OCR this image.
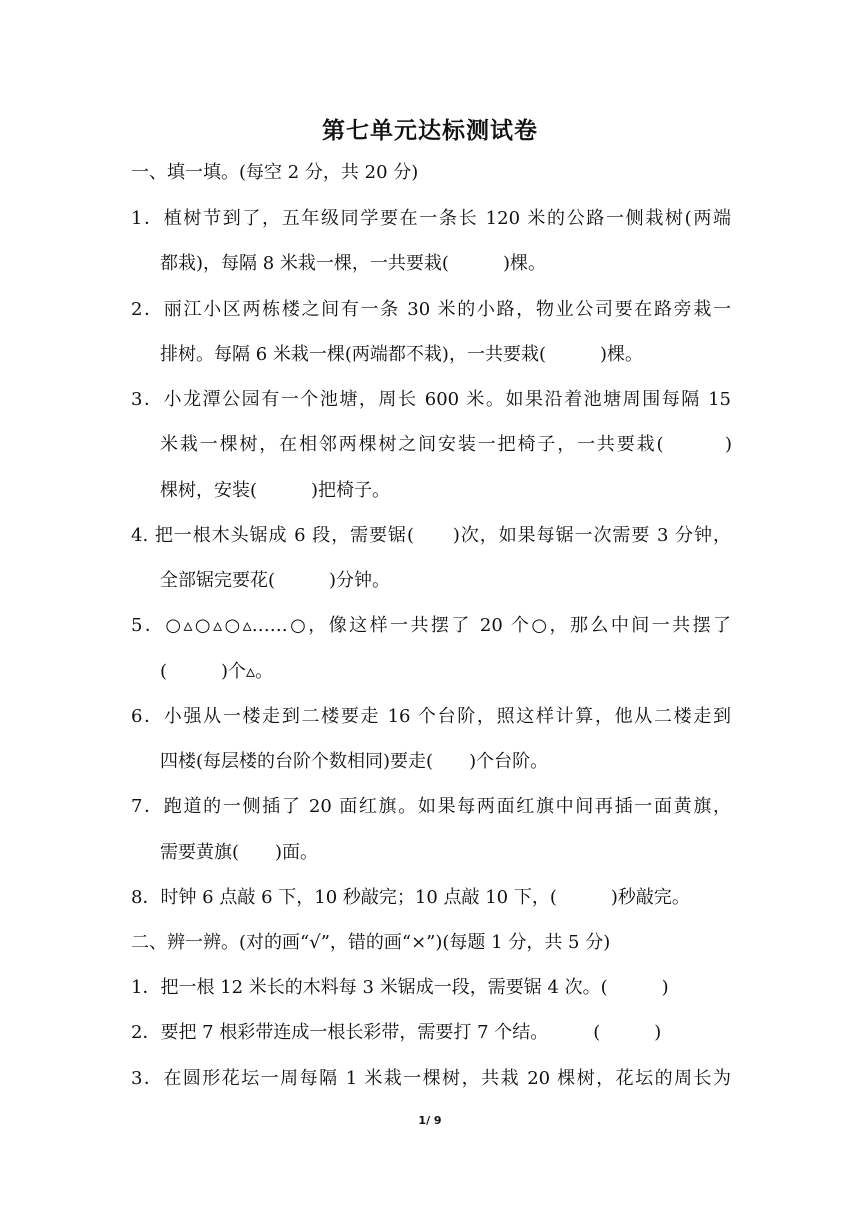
第七单元达标测试卷
一、填一填。(每空 2 分，共 20 分)
1．植树节到了，五年级同学要在一条长 120 米的公路一侧栽树(两端
都栽)，每隔 8 米栽一棵，一共要栽(　　　)棵。
2．丽江小区两栋楼之间有一条 30 米的小路，物业公司要在路旁栽一
排树。每隔 6 米栽一棵(两端都不栽)，一共要栽(　　　)棵。
3．小龙潭公园有一个池塘，周长 600 米。如果沿着池塘周围每隔 15
米栽一棵树，在相邻两棵树之间安装一把椅子，一共要栽(　　　)
棵树，安装(　　　)把椅子。
4. 把一根木头锯成 6 段，需要锯(　　)次，如果每锯一次需要 3 分钟，
全部锯完要花(　　　)分钟。
5．○▵○▵○▵……○，像这样一共摆了 20 个○，那么中间一共摆了
(　　　)个▵。
6．小强从一楼走到二楼要走 16 个台阶，照这样计算，他从二楼走到
四楼(每层楼的台阶个数相同)要走(　　)个台阶。
7．跑道的一侧插了 20 面红旗。如果每两面红旗中间再插一面黄旗，
需要黄旗(　　)面。
8．时钟 6 点敲 6 下，10 秒敲完；10 点敲 10 下，(　　　)秒敲完。
二、辨一辨。(对的画“√”，错的画“×”)(每题 1 分，共 5 分)
1．把一根 12 米长的木料每 3 米锯成一段，需要锯 4 次。(　　　)
2．要把 7 根彩带连成一根长彩带，需要打 7 个结。　　　(　　　)
3．在圆形花坛一周每隔 1 米栽一棵树，共栽 20 棵树，花坛的周长为
1/ 9
